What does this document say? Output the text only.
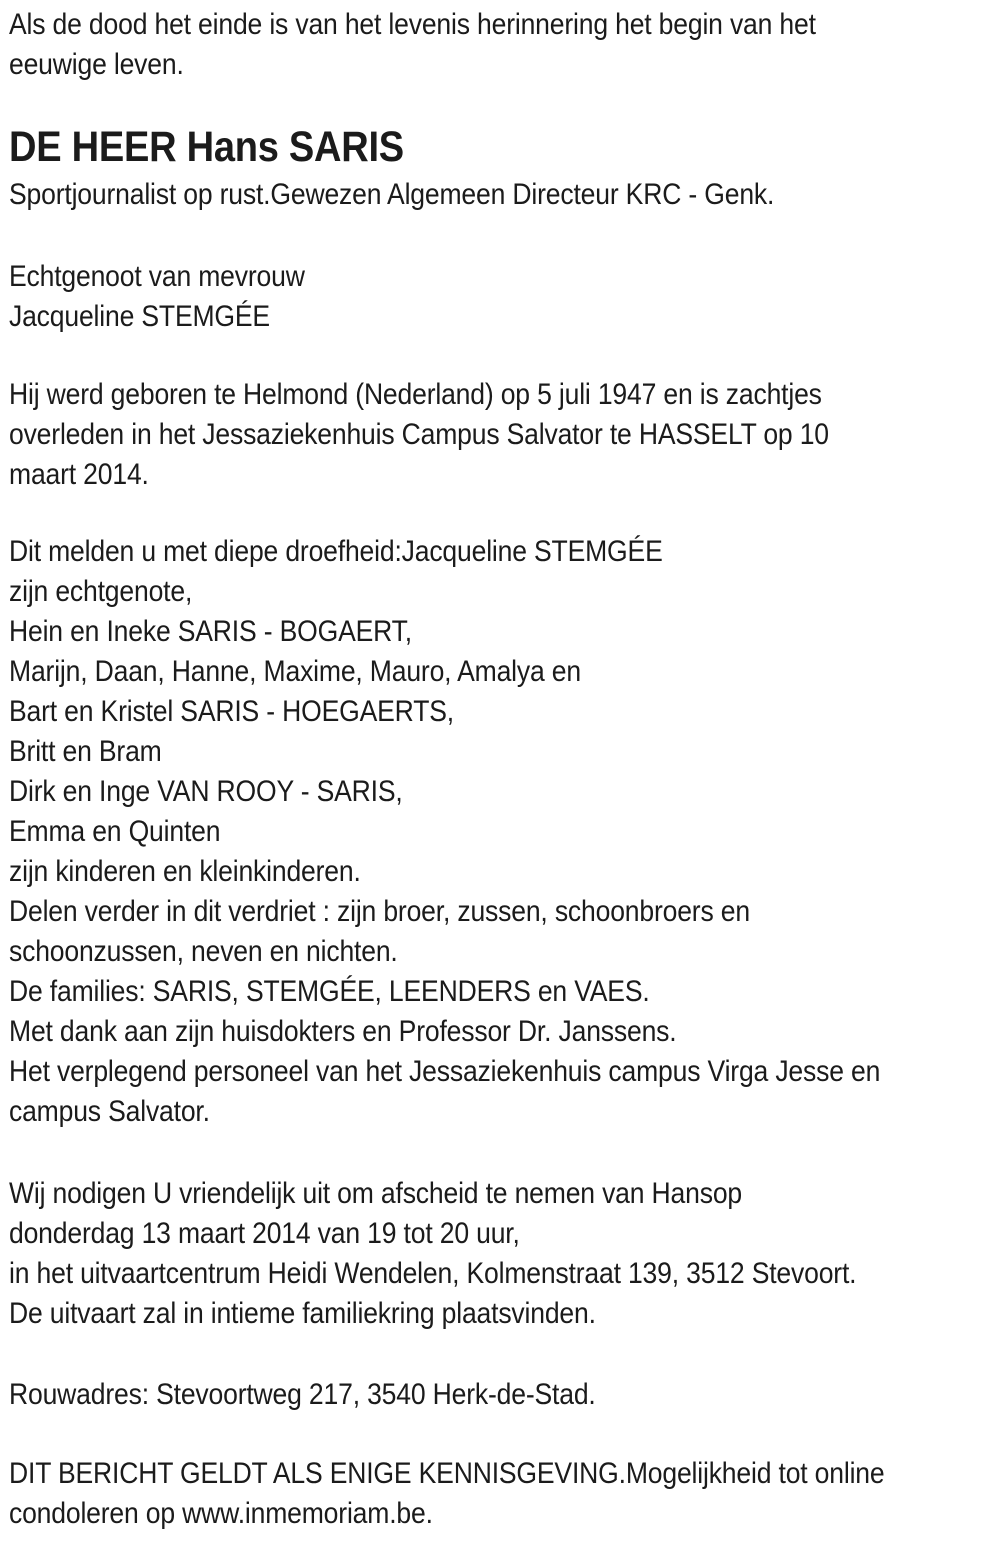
Als de dood het einde is van het levenis herinnering het begin van het
eeuwige leven.
DE HEER Hans SARIS
Sportjournalist op rust.Gewezen Algemeen Directeur KRC - Genk.
Echtgenoot van mevrouw
Jacqueline STEMGÉE
Hij werd geboren te Helmond (Nederland) op 5 juli 1947 en is zachtjes
overleden in het Jessaziekenhuis Campus Salvator te HASSELT op 10
maart 2014.
Dit melden u met diepe droefheid:Jacqueline STEMGÉE
zijn echtgenote,
Hein en Ineke SARIS - BOGAERT,
Marijn, Daan, Hanne, Maxime, Mauro, Amalya en
Bart en Kristel SARIS - HOEGAERTS,
Britt en Bram
Dirk en Inge VAN ROOY - SARIS,
Emma en Quinten
zijn kinderen en kleinkinderen.
Delen verder in dit verdriet : zijn broer, zussen, schoonbroers en
schoonzussen, neven en nichten.
De families: SARIS, STEMGÉE, LEENDERS en VAES.
Met dank aan zijn huisdokters en Professor Dr. Janssens.
Het verplegend personeel van het Jessaziekenhuis campus Virga Jesse en
campus Salvator.
Wij nodigen U vriendelijk uit om afscheid te nemen van Hansop
donderdag 13 maart 2014 van 19 tot 20 uur,
in het uitvaartcentrum Heidi Wendelen, Kolmenstraat 139, 3512 Stevoort.
De uitvaart zal in intieme familiekring plaatsvinden.
Rouwadres: Stevoortweg 217, 3540 Herk-de-Stad.
DIT BERICHT GELDT ALS ENIGE KENNISGEVING.Mogelijkheid tot online
condoleren op www.inmemoriam.be.
